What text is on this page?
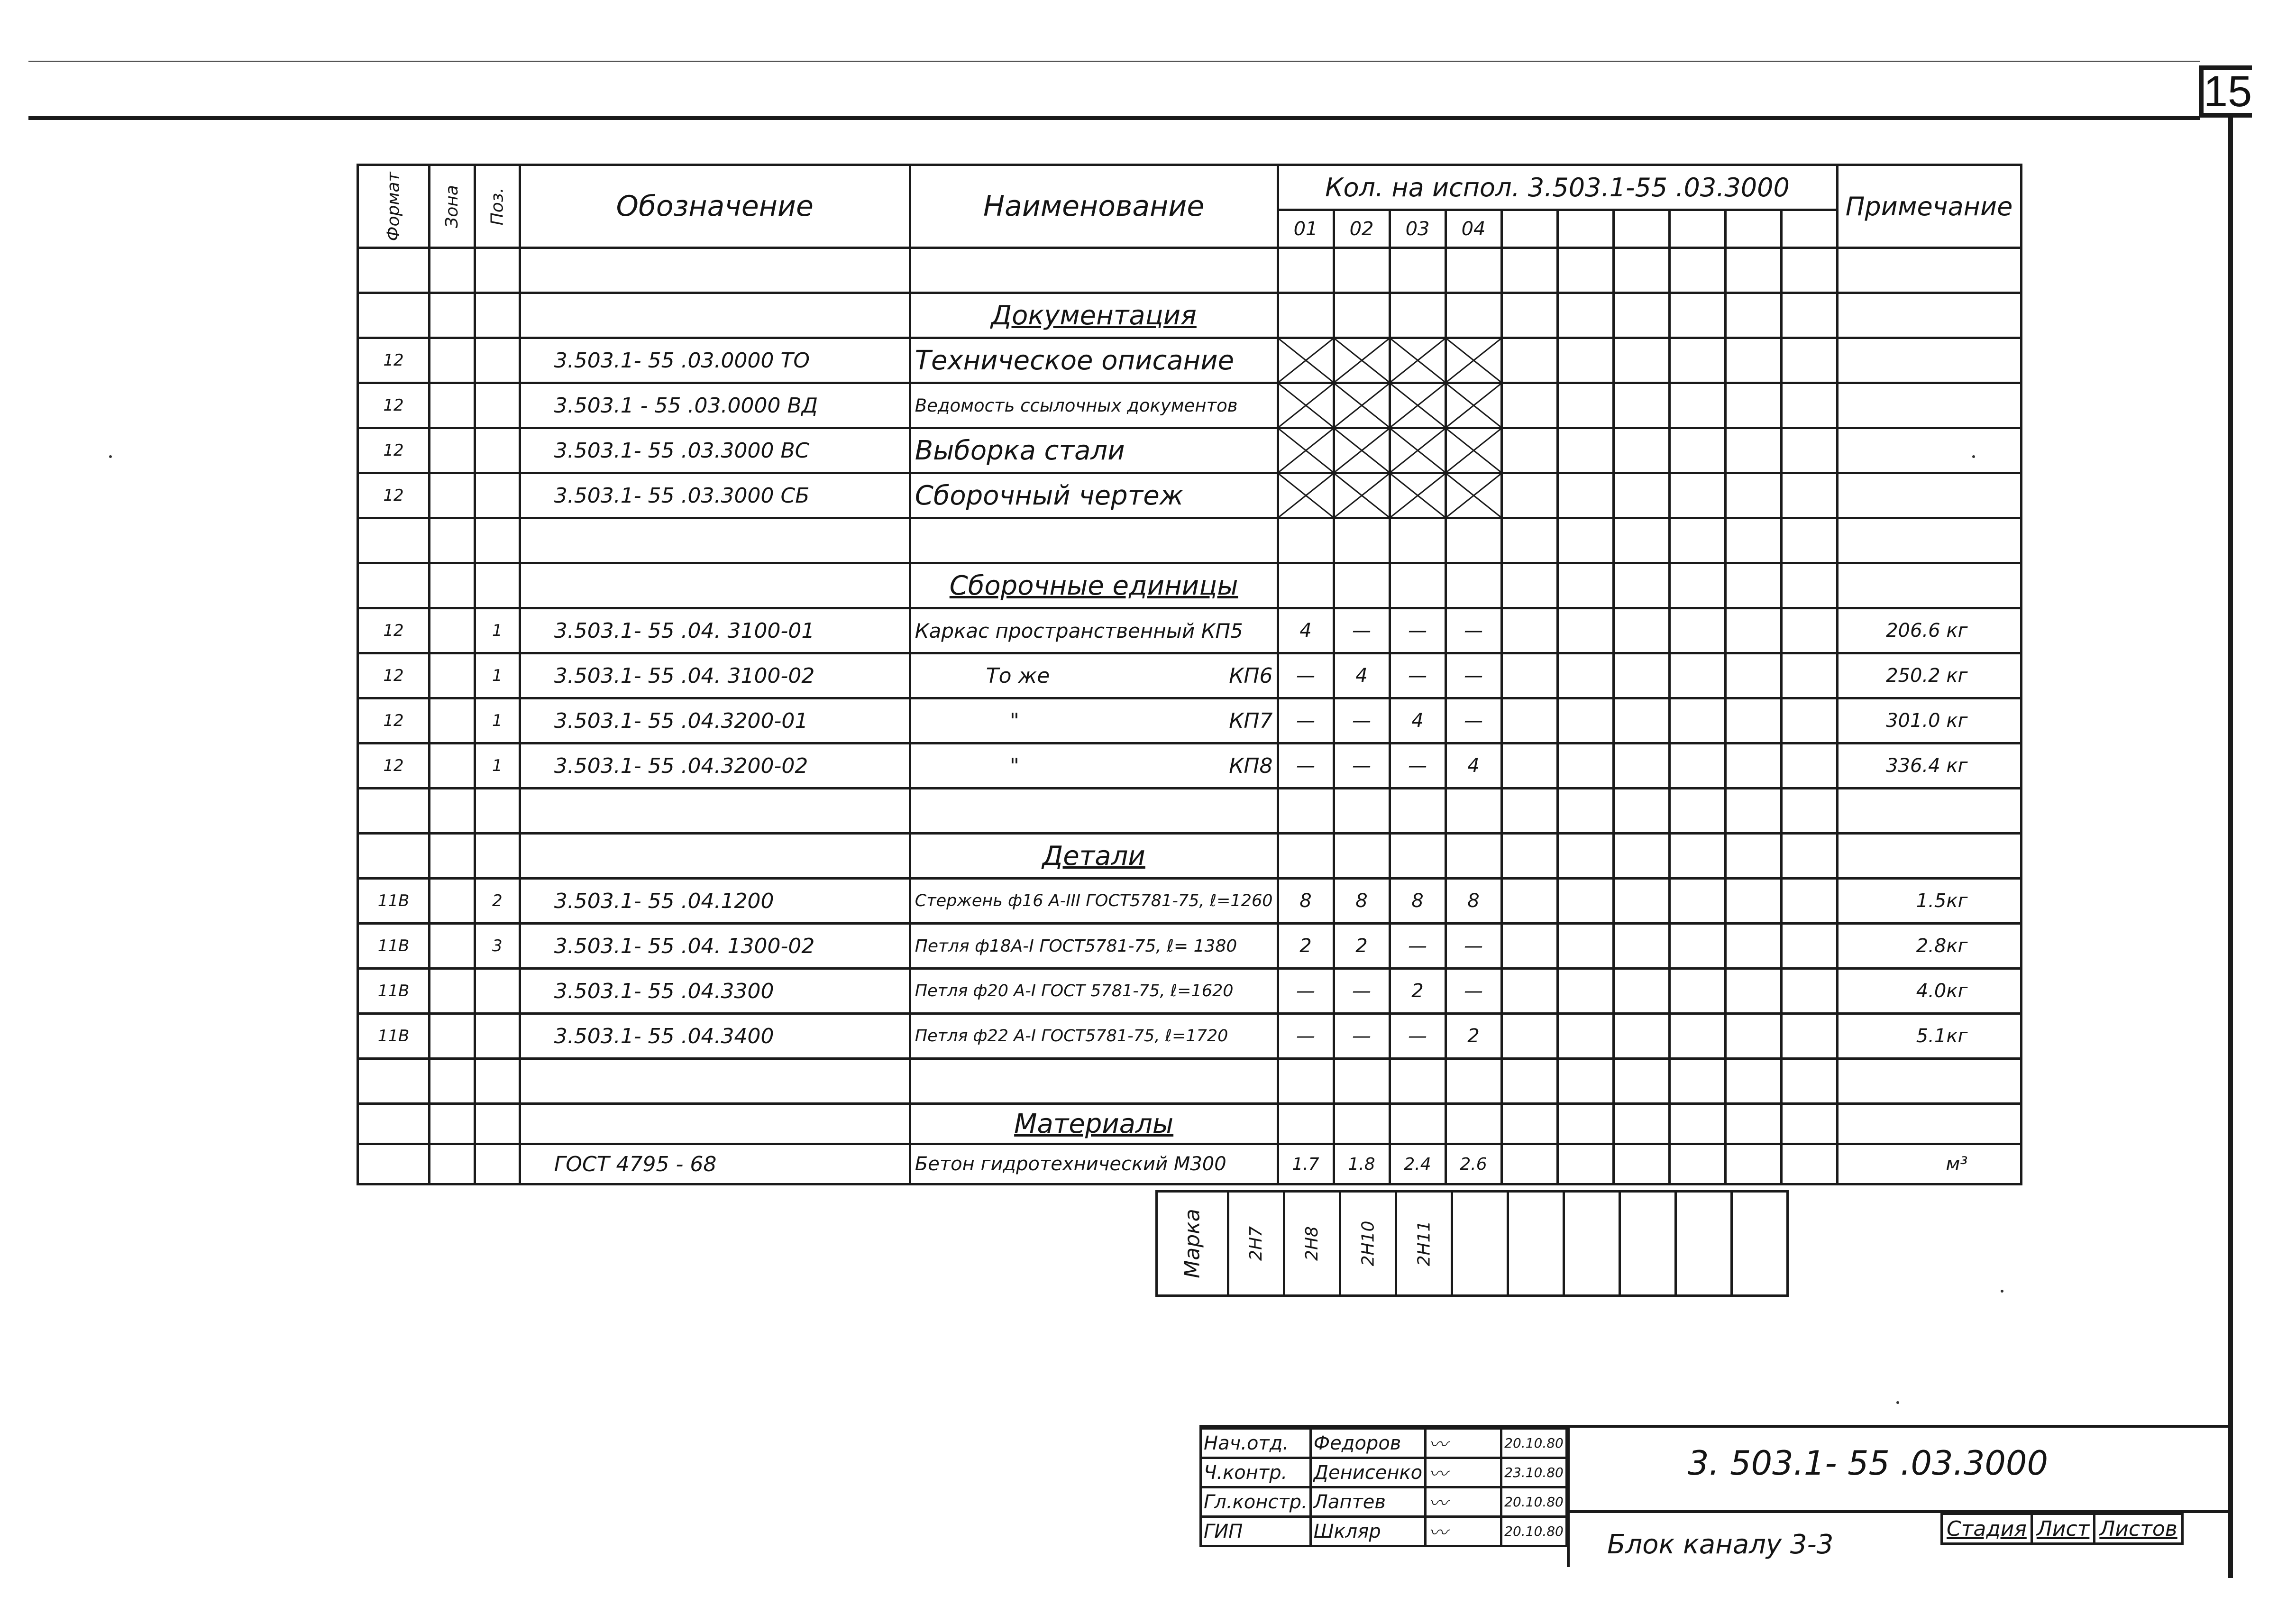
15
Формат	Зона	Поз.	Обозначение	Наименование	Кол. на испол. 3.503.1-55 .03.3000										Примечание
					01	02	03	04							

				Документация											
12			3.503.1- 55 .03.0000 ТО	Техническое описание	

12			3.503.1 - 55 .03.0000 ВД	Ведомость ссылочных документов	

12			3.503.1- 55 .03.3000 ВС	Выборка стали	

12			3.503.1- 55 .03.3000 СБ	Сборочный чертеж	

				Сборочные единицы											
12		1	3.503.1- 55 .04. 3100-01	Каркас пространственный КП5	4	—	—	—							206.6 кг
12		1	3.503.1- 55 .04. 3100-02	То же КП6	—	4	—	—							250.2 кг
12		1	3.503.1- 55 .04.3200-01	" КП7	—	—	4	—							301.0 кг
12		1	3.503.1- 55 .04.3200-02	" КП8	—	—	—	4							336.4 кг

				Детали											
11В		2	3.503.1- 55 .04.1200	Стержень ф16 А-III ГОСТ5781-75, ℓ=1260	8	8	8	8							1.5кг
11В		3	3.503.1- 55 .04. 1300-02	Петля ф18А-I ГОСТ5781-75, ℓ= 1380	2	2	—	—							2.8кг
11В			3.503.1- 55 .04.3300	Петля ф20 А-I ГОСТ 5781-75, ℓ=1620	—	—	2	—							4.0кг
11В			3.503.1- 55 .04.3400	Петля ф22 А-I ГОСТ5781-75, ℓ=1720	—	—	—	2							5.1кг

				Материалы											
			ГОСТ 4795 - 68	Бетон гидротехнический М300	1.7	1.8	2.4	2.6							м³
Марка	2Н7	2Н8	2Н10	2Н11						
Нач.отд.	Федоров	〰	20.10.80
Ч.контр.	Денисенко	〰	23.10.80
Гл.констр.	Лаптев	〰	20.10.80
ГИП	Шкляр	〰	20.10.80
3. 503.1- 55 .03.3000
Стадия	Лист	Листов
Блок каналу 3-3
